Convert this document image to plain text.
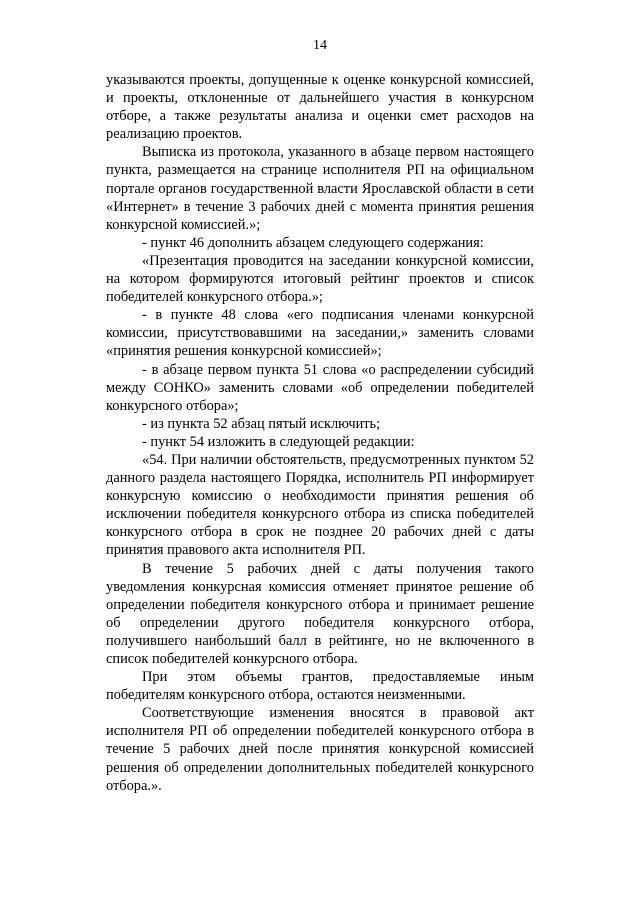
14

указываются проекты, допущенные к оценке конкурсной комиссией, и проекты, отклоненные от дальнейшего участия в конкурсном отборе, а также результаты анализа и оценки смет расходов на реализацию проектов.

Выписка из протокола, указанного в абзаце первом настоящего пункта, размещается на странице исполнителя РП на официальном портале органов государственной власти Ярославской области в сети «Интернет» в течение 3 рабочих дней с момента принятия решения конкурсной комиссией.»;

- пункт 46 дополнить абзацем следующего содержания:

«Презентация проводится на заседании конкурсной комиссии, на котором формируются итоговый рейтинг проектов и список победителей конкурсного отбора.»;

- в пункте 48 слова «его подписания членами конкурсной комиссии, присутствовавшими на заседании,» заменить словами «принятия решения конкурсной комиссией»;

- в абзаце первом пункта 51 слова «о распределении субсидий между СОНКО» заменить словами «об определении победителей конкурсного отбора»;

- из пункта 52 абзац пятый исключить;

- пункт 54 изложить в следующей редакции:

«54. При наличии обстоятельств, предусмотренных пунктом 52 данного раздела настоящего Порядка, исполнитель РП информирует конкурсную комиссию о необходимости принятия решения об исключении победителя конкурсного отбора из списка победителей конкурсного отбора в срок не позднее 20 рабочих дней с даты принятия правового акта исполнителя РП.

В течение 5 рабочих дней с даты получения такого уведомления конкурсная комиссия отменяет принятое решение об определении победителя конкурсного отбора и принимает решение об определении другого победителя конкурсного отбора, получившего наибольший балл в рейтинге, но не включенного в список победителей конкурсного отбора.

При этом объемы грантов, предоставляемые иным победителям конкурсного отбора, остаются неизменными.

Соответствующие изменения вносятся в правовой акт исполнителя РП об определении победителей конкурсного отбора в течение 5 рабочих дней после принятия конкурсной комиссией решения об определении дополнительных победителей конкурсного отбора.».
